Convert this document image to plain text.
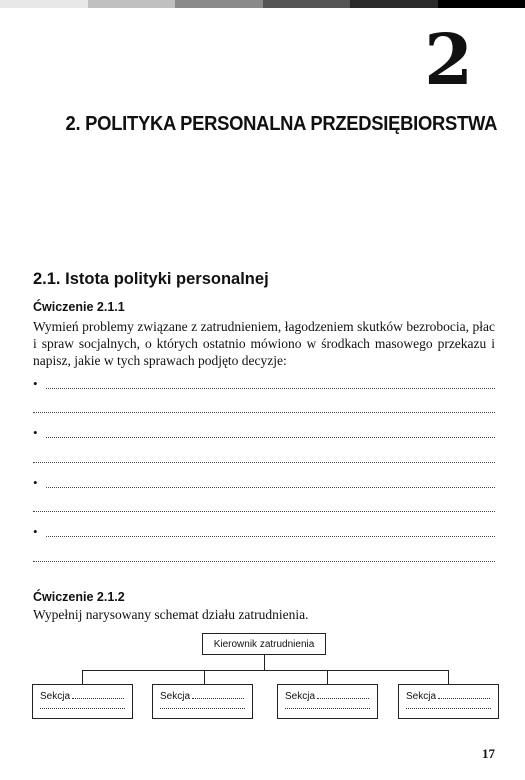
2
2. POLITYKA PERSONALNA PRZEDSIĘBIORSTWA
2.1. Istota polityki personalnej
Ćwiczenie 2.1.1
Wymień problemy związane z zatrudnieniem, łagodzeniem skutków bezrobocia, płac i spraw socjalnych, o których ostatnio mówiono w środkach masowego przekazu i napisz, jakie w tych sprawach podjęto decyzje:
•
•
•
•
Ćwiczenie 2.1.2
Wypełnij narysowany schemat działu zatrudnienia.
Kierownik zatrudnienia
Sekcja	Sekcja	Sekcja	Sekcja
17
